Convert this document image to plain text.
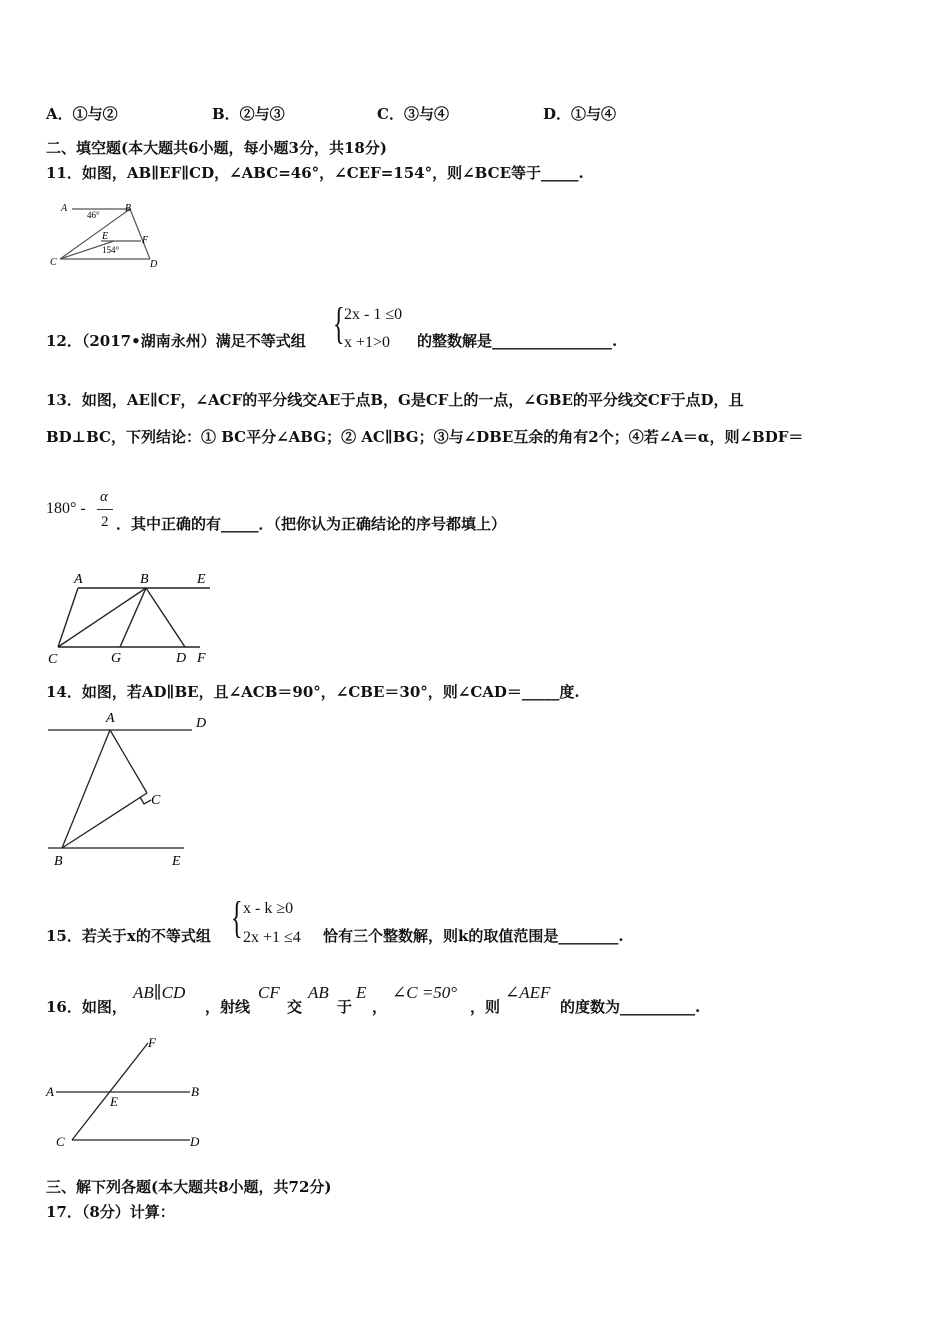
A．①与②	B．②与③	C．③与④	D．①与④
二、填空题(本大题共6小题，每小题3分，共18分)
11．如图，AB∥EF∥CD，∠ABC=46°，∠CEF=154°，则∠BCE等于_____.
A	B
C	D
E	F
46°
154°
12．（2017•湖南永州）满足不等式组 { 2x - 1 ≤0
x +1>0 的整数解是________________.
13．如图，AE∥CF，∠ACF的平分线交AE于点B，G是CF上的一点，∠GBE的平分线交CF于点D，且
BD⊥BC，下列结论：① BC平分∠ABG；② AC∥BG；③与∠DBE互余的角有2个；④若∠A＝α，则∠BDF＝
180° -
α
2 ．其中正确的有_____．（把你认为正确结论的序号都填上）
A	B	E
C	G	D F
14．如图，若AD∥BE，且∠ACB＝90°，∠CBE＝30°，则∠CAD＝_____度.
A	D
C
B	E
15．若关于x的不等式组 { x - k ≥0
2x +1 ≤4 恰有三个整数解，则k的取值范围是________.
16．如图，
AB∥CD
，射线
CF
交
AB
于
E
，
∠C =50°
，则
∠AEF
的度数为__________.
F
A	B
E
C	D
三、解下列各题(本大题共8小题，共72分)
17．（8分）计算：
